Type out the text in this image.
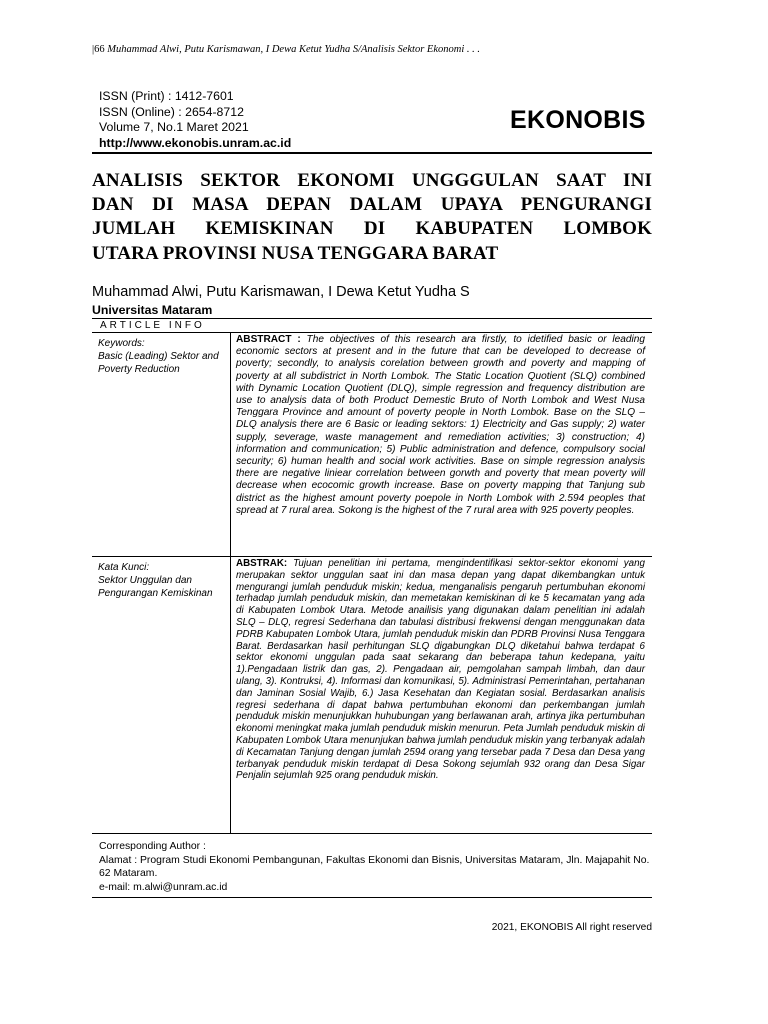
|66 Muhammad Alwi, Putu Karismawan, I Dewa Ketut Yudha S/Analisis Sektor Ekonomi . . .
ISSN (Print) : 1412-7601
ISSN (Online) : 2654-8712
Volume 7, No.1 Maret 2021
http://www.ekonobis.unram.ac.id
EKONOBIS
ANALISIS SEKTOR EKONOMI UNGGGULAN SAAT INI
DAN DI MASA DEPAN DALAM UPAYA PENGURANGI
JUMLAH KEMISKINAN DI KABUPATEN LOMBOK
UTARA PROVINSI NUSA TENGGARA BARAT
Muhammad Alwi, Putu Karismawan, I Dewa Ketut Yudha S
Universitas Mataram
ARTICLE INFO
Keywords:
Basic (Leading) Sektor and Poverty Reduction
ABSTRACT : The objectives of this research ara firstly, to idetified basic or leading economic sectors at present and in the future that can be developed to decrease of poverty; secondly, to analysis corelation between growth and poverty and mapping of poverty at all subdistrict in North Lombok. The Static Location Quotient (SLQ) combined with Dynamic Location Quotient (DLQ), simple regression and frequency distribution are use to analysis data of both Product Demestic Bruto of North Lombok and West Nusa Tenggara Province and amount of poverty people in North Lombok. Base on the SLQ –DLQ analysis there are 6 Basic or leading sektors: 1) Electricity and Gas supply; 2) water supply, severage, waste management and remediation activities; 3) construction; 4) information and communication; 5) Public administration and defence, compulsory social security; 6) human health and social work activities. Base on simple regression analysis there are negative liniear correlation between gorwth and poverty that mean poverty will decrease when ecocomic growth increase. Base on poverty mapping that Tanjung sub district as the highest amount poverty poepole in North Lombok with 2.594 peoples that spread at 7 rural area. Sokong is the highest of the 7 rural area with 925 poverty peoples.
Kata Kunci:
Sektor Unggulan dan Pengurangan Kemiskinan
ABSTRAK: Tujuan penelitian ini pertama, mengindentifikasi sektor-sektor ekonomi yang merupakan sektor unggulan saat ini dan masa depan yang dapat dikembangkan untuk mengurangi jumlah penduduk miskin; kedua, menganalisis pengaruh pertumbuhan ekonomi terhadap jumlah penduduk miskin, dan memetakan kemiskinan di ke 5 kecamatan yang ada di Kabupaten Lombok Utara. Metode anailisis yang digunakan dalam penelitian ini adalah SLQ – DLQ, regresi Sederhana dan tabulasi distribusi frekwensi dengan menggunakan data PDRB Kabupaten Lombok Utara, jumlah penduduk miskin dan PDRB Provinsi Nusa Tenggara Barat. Berdasarkan hasil perhitungan SLQ digabungkan DLQ diketahui bahwa terdapat 6 sektor ekonomi unggulan pada saat sekarang dan beberapa tahun kedepana, yaitu 1).Pengadaan listrik dan gas, 2). Pengadaan air, pemgolahan sampah limbah, dan daur ulang, 3). Kontruksi, 4). Informasi dan komunikasi, 5). Administrasi Pemerintahan, pertahanan dan Jaminan Sosial Wajib, 6.) Jasa Kesehatan dan Kegiatan sosial. Berdasarkan analisis regresi sederhana di dapat bahwa pertumbuhan ekonomi dan perkembangan jumlah penduduk miskin menunjukkan huhubungan yang berlawanan arah, artinya jika pertumbuhan ekonomi meningkat maka jumlah penduduk miskin menurun. Peta Jumlah penduduk miskin di Kabupaten Lombok Utara menunjukan bahwa jumlah penduduk miskin yang terbanyak adalah di Kecamatan Tanjung dengan jumlah 2594 orang yang tersebar pada 7 Desa dan Desa yang terbanyak penduduk miskin terdapat di Desa Sokong sejumlah 932 orang dan Desa Sigar Penjalin sejumlah 925 orang penduduk miskin.
Corresponding Author :
Alamat : Program Studi Ekonomi Pembangunan, Fakultas Ekonomi dan Bisnis, Universitas Mataram, Jln. Majapahit No. 62 Mataram.
e-mail: m.alwi@unram.ac.id
2021, EKONOBIS All right reserved
